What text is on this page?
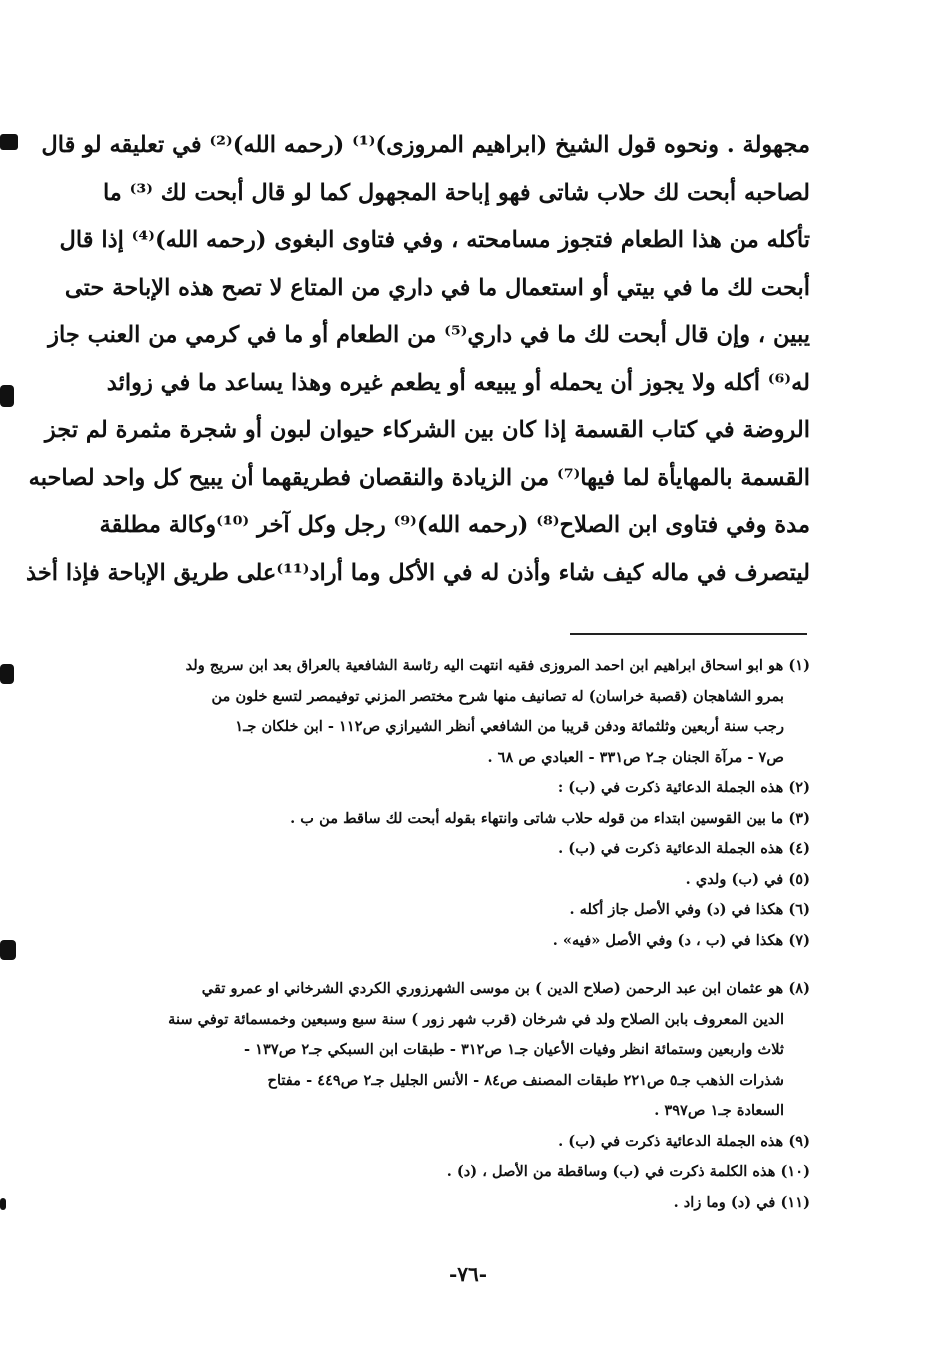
مجهولة . ونحوه قول الشيخ (ابراهيم المروزى)⁽¹⁾ (رحمه الله)⁽²⁾ في تعليقه لو قال
لصاحبه أبحت لك حلاب شاتى فهو إباحة المجهول كما لو قال أبحت لك ⁽³⁾ ما
تأكله من هذا الطعام فتجوز مسامحته ، وفي فتاوى البغوى (رحمه الله)⁽⁴⁾ إذا قال
أبحت لك ما في بيتي أو استعمال ما في داري من المتاع لا تصح هذه الإباحة حتى
يبين ، وإن قال أبحت لك ما في داري⁽⁵⁾ من الطعام أو ما في كرمي من العنب جاز
له⁽⁶⁾ أكله ولا يجوز أن يحمله أو يبيعه أو يطعم غيره وهذا يساعد ما في زوائد
الروضة في كتاب القسمة إذا كان بين الشركاء حيوان لبون أو شجرة مثمرة لم تجز
القسمة بالمهايأة لما فيها⁽⁷⁾ من الزيادة والنقصان فطريقهما أن يبيح كل واحد لصاحبه
مدة وفي فتاوى ابن الصلاح⁽⁸⁾ (رحمه الله)⁽⁹⁾ رجل وكل آخر ⁽¹⁰⁾وكالة مطلقة
ليتصرف في ماله كيف شاء وأذن له في الأكل وما أراد⁽¹¹⁾على طريق الإباحة فإذا أخذ
(١) هو ابو اسحاق ابراهيم ابن احمد المروزى فقيه انتهت اليه رئاسة الشافعية بالعراق بعد ابن سريج ولد
بمرو الشاهجان (قصبة خراسان) له تصانيف منها شرح مختصر المزني توفيمصر لتسع خلون من
رجب سنة أربعين وثلثمائة ودفن قريبا من الشافعي أنظر الشيرازي ص١١٢ - ابن خلكان جـ١
ص٧ - مرآة الجنان جـ٢ ص٣٣١ - العبادي ص ٦٨ .
(٢) هذه الجملة الدعائية ذكرت في (ب) :
(٣) ما بين القوسين ابتداء من قوله حلاب شاتى وانتهاء بقوله أبحت لك ساقط من ب .
(٤) هذه الجملة الدعائية ذكرت في (ب) .
(٥) في (ب) ولدي .
(٦) هكذا في (د) وفي الأصل جاز أكله .
(٧) هكذا في (ب ، د) وفي الأصل «فيه» .
(٨) هو عثمان ابن عبد الرحمن (صلاح الدين ) بن موسى الشهرزوري الكردي الشرخاني او عمرو تقي
الدين المعروف بابن الصلاح ولد في شرخان (قرب شهر زور ) سنة سبع وسبعين وخمسمائة توفي سنة
ثلاث واربعين وستمائة انظر وفيات الأعيان جـ١ ص٣١٢ - طبقات ابن السبكي جـ٢ ص١٣٧ -
شذرات الذهب جـ٥ ص٢٢١ طبقات المصنف ص٨٤ - الأنس الجليل جـ٢ ص٤٤٩ - مفتاح
السعادة جـ١ ص٣٩٧ .
(٩) هذه الجملة الدعائية ذكرت في (ب) .
(١٠) هذه الكلمة ذكرت في (ب) وساقطة من الأصل ، (د) .
(١١) في (د) وما زاد .
-٧٦-
